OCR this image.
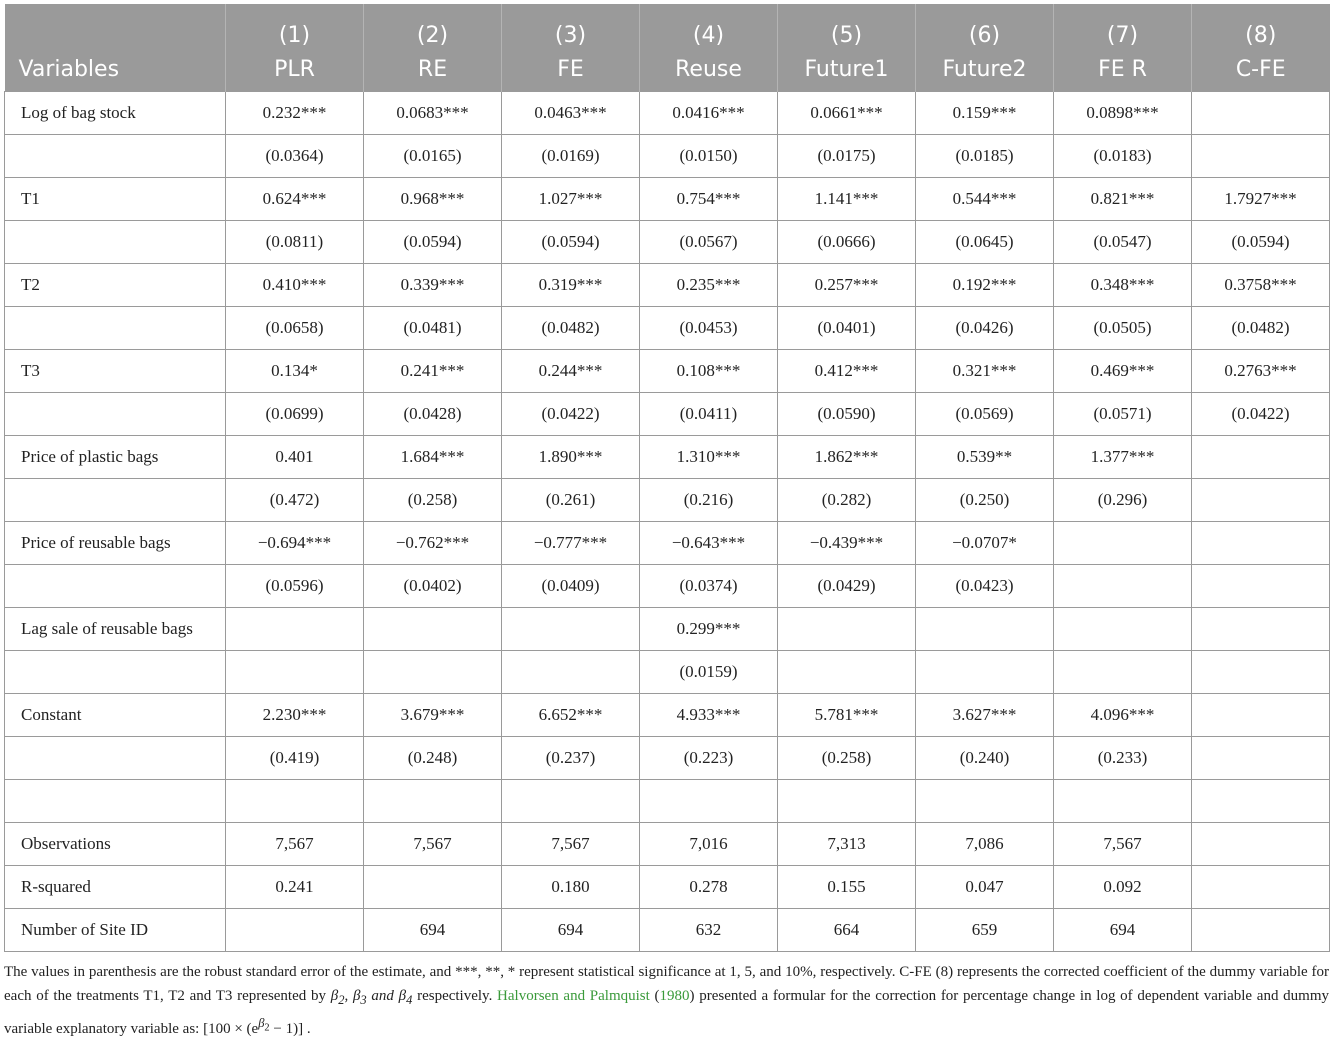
	(1)	(2)	(3)	(4)	(5)	(6)	(7)	(8)
Variables	PLR	RE	FE	Reuse	Future1	Future2	FE R	C-FE
Log of bag stock	0.232***	0.0683***	0.0463***	0.0416***	0.0661***	0.159***	0.0898***	
	(0.0364)	(0.0165)	(0.0169)	(0.0150)	(0.0175)	(0.0185)	(0.0183)	
T1	0.624***	0.968***	1.027***	0.754***	1.141***	0.544***	0.821***	1.7927***
	(0.0811)	(0.0594)	(0.0594)	(0.0567)	(0.0666)	(0.0645)	(0.0547)	(0.0594)
T2	0.410***	0.339***	0.319***	0.235***	0.257***	0.192***	0.348***	0.3758***
	(0.0658)	(0.0481)	(0.0482)	(0.0453)	(0.0401)	(0.0426)	(0.0505)	(0.0482)
T3	0.134*	0.241***	0.244***	0.108***	0.412***	0.321***	0.469***	0.2763***
	(0.0699)	(0.0428)	(0.0422)	(0.0411)	(0.0590)	(0.0569)	(0.0571)	(0.0422)
Price of plastic bags	0.401	1.684***	1.890***	1.310***	1.862***	0.539**	1.377***	
	(0.472)	(0.258)	(0.261)	(0.216)	(0.282)	(0.250)	(0.296)	
Price of reusable bags	−0.694***	−0.762***	−0.777***	−0.643***	−0.439***	−0.0707*		
	(0.0596)	(0.0402)	(0.0409)	(0.0374)	(0.0429)	(0.0423)		
Lag sale of reusable bags				0.299***				
				(0.0159)				
Constant	2.230***	3.679***	6.652***	4.933***	5.781***	3.627***	4.096***	
	(0.419)	(0.248)	(0.237)	(0.223)	(0.258)	(0.240)	(0.233)	

Observations	7,567	7,567	7,567	7,016	7,313	7,086	7,567	
R-squared	0.241		0.180	0.278	0.155	0.047	0.092	
Number of Site ID		694	694	632	664	659	694	
The values in parenthesis are the robust standard error of the estimate, and ***, **, * represent statistical significance at 1, 5, and 10%, respectively. C-FE (8) represents the corrected coefficient of the dummy variable for each of the treatments T1, T2 and T3 represented by $\beta_2$, $\beta_3$ and $\beta_4$ respectively. Halvorsen and Palmquist (1980) presented a formular for the correction for percentage change in log of dependent variable and dummy variable explanatory variable as: $[100 \times (e^{\beta_2} - 1)]$ .
